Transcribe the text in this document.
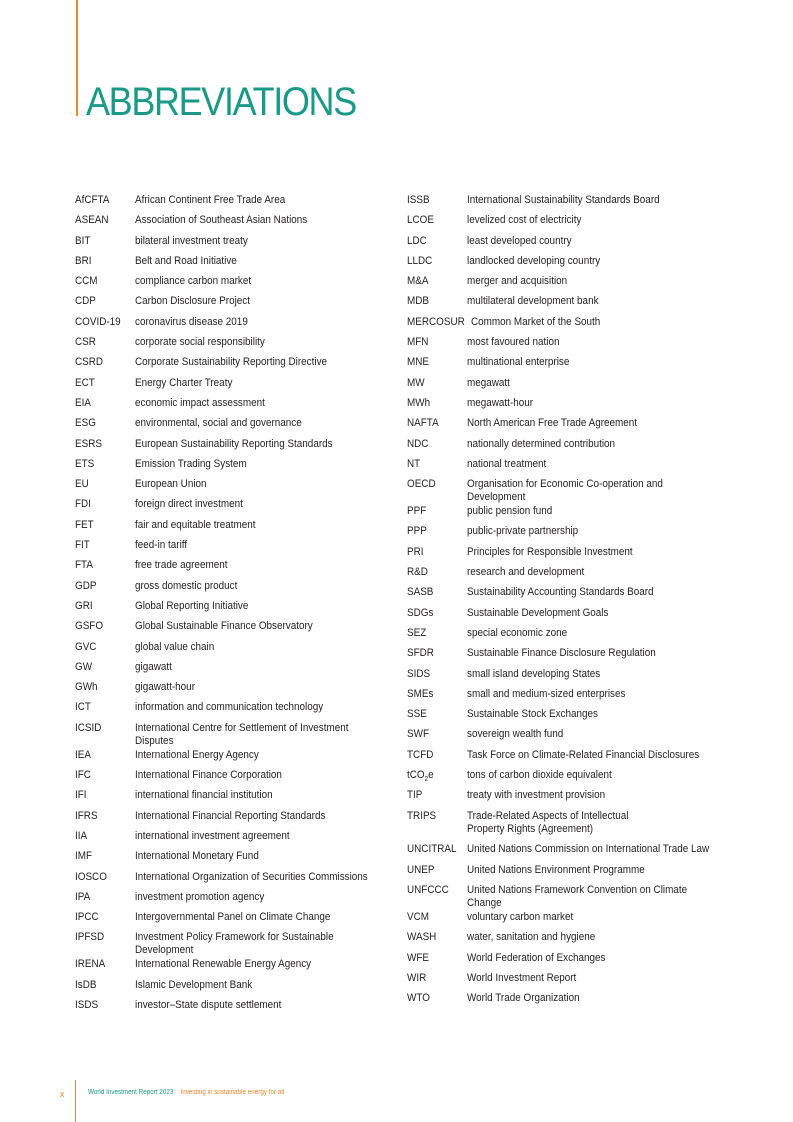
ABBREVIATIONS
AfCFTA	African Continent Free Trade Area
ASEAN	Association of Southeast Asian Nations
BIT	bilateral investment treaty
BRI	Belt and Road Initiative
CCM	compliance carbon market
CDP	Carbon Disclosure Project
COVID-19	coronavirus disease 2019
CSR	corporate social responsibility
CSRD	Corporate Sustainability Reporting Directive
ECT	Energy Charter Treaty
EIA	economic impact assessment
ESG	environmental, social and governance
ESRS	European Sustainability Reporting Standards
ETS	Emission Trading System
EU	European Union
FDI	foreign direct investment
FET	fair and equitable treatment
FIT	feed-in tariff
FTA	free trade agreement
GDP	gross domestic product
GRI	Global Reporting Initiative
GSFO	Global Sustainable Finance Observatory
GVC	global value chain
GW	gigawatt
GWh	gigawatt-hour
ICT	information and communication technology
ICSID	International Centre for Settlement of Investment Disputes
IEA	International Energy Agency
IFC	International Finance Corporation
IFI	international financial institution
IFRS	International Financial Reporting Standards
IIA	international investment agreement
IMF	International Monetary Fund
IOSCO	International Organization of Securities Commissions
IPA	investment promotion agency
IPCC	Intergovernmental Panel on Climate Change
IPFSD	Investment Policy Framework for Sustainable Development
IRENA	International Renewable Energy Agency
IsDB	Islamic Development Bank
ISDS	investor–State dispute settlement
ISSB	International Sustainability Standards Board
LCOE	levelized cost of electricity
LDC	least developed country
LLDC	landlocked developing country
M&A	merger and acquisition
MDB	multilateral development bank
MERCOSUR Common Market of the South
MFN	most favoured nation
MNE	multinational enterprise
MW	megawatt
MWh	megawatt-hour
NAFTA	North American Free Trade Agreement
NDC	nationally determined contribution
NT	national treatment
OECD	Organisation for Economic Co-operation and Development
PPF	public pension fund
PPP	public-private partnership
PRI	Principles for Responsible Investment
R&D	research and development
SASB	Sustainability Accounting Standards Board
SDGs	Sustainable Development Goals
SEZ	special economic zone
SFDR	Sustainable Finance Disclosure Regulation
SIDS	small island developing States
SMEs	small and medium-sized enterprises
SSE	Sustainable Stock Exchanges
SWF	sovereign wealth fund
TCFD	Task Force on Climate-Related Financial Disclosures
tCO$_2$e	tons of carbon dioxide equivalent
TIP	treaty with investment provision
TRIPS	Trade-Related Aspects of Intellectual
Property Rights (Agreement)
UNCITRAL United Nations Commission on International Trade Law
UNEP	United Nations Environment Programme
UNFCCC	United Nations Framework Convention on Climate Change
VCM	voluntary carbon market
WASH	water, sanitation and hygiene
WFE	World Federation of Exchanges
WIR	World Investment Report
WTO	World Trade Organization
x	World Investment Report 2023 Investing in sustainable energy for all
